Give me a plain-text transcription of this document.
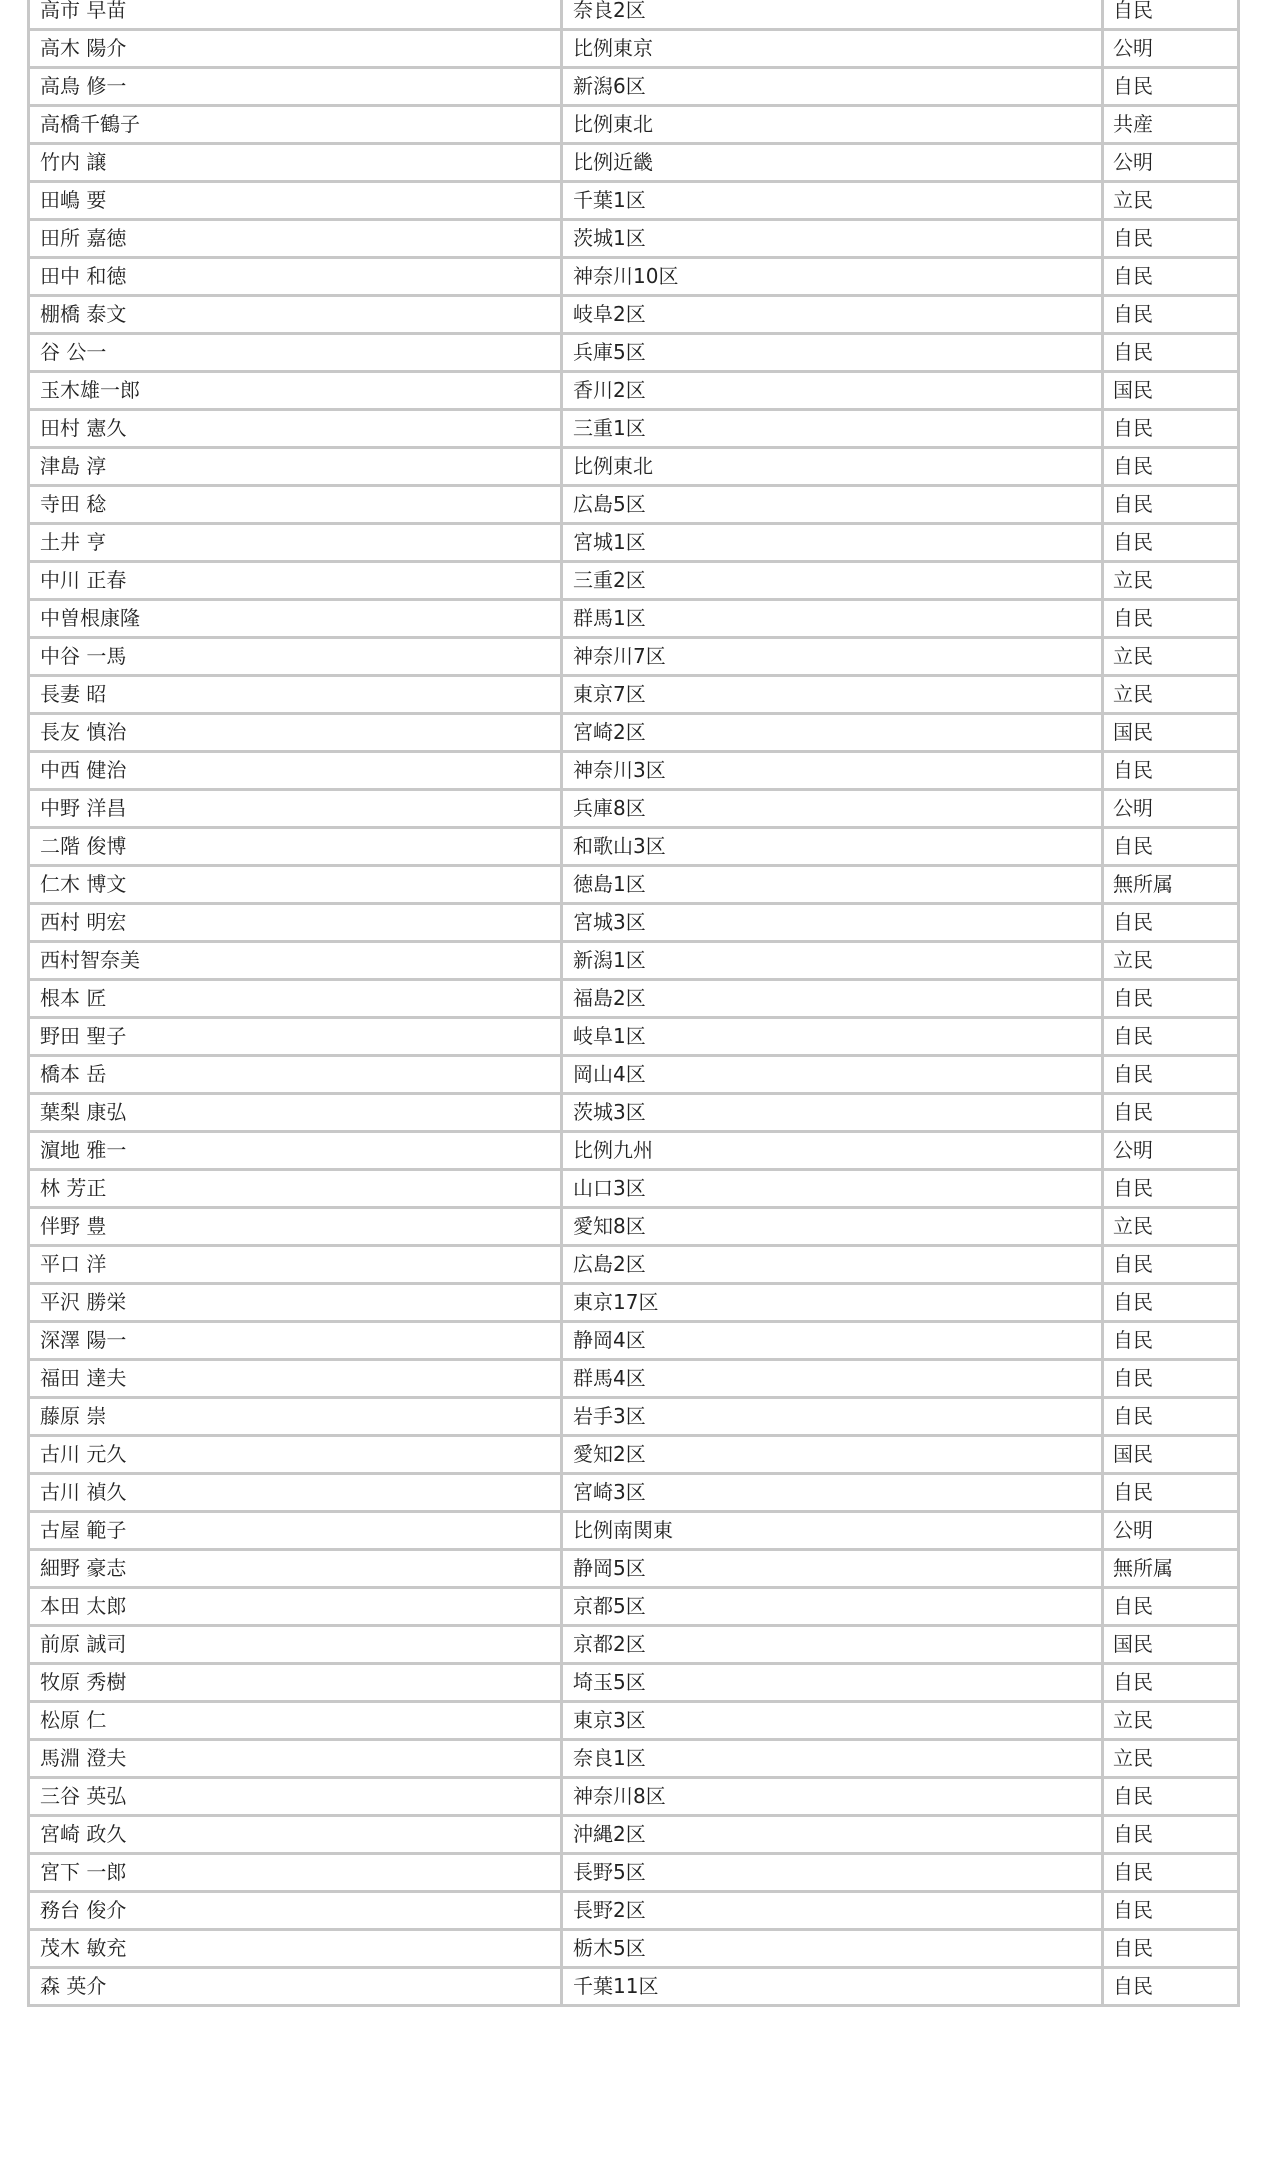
高市 早苗	奈良2区	自民
高木 陽介	比例東京	公明
高鳥 修一	新潟6区	自民
高橋千鶴子	比例東北	共産
竹内 譲	比例近畿	公明
田嶋 要	千葉1区	立民
田所 嘉徳	茨城1区	自民
田中 和徳	神奈川10区	自民
棚橋 泰文	岐阜2区	自民
谷 公一	兵庫5区	自民
玉木雄一郎	香川2区	国民
田村 憲久	三重1区	自民
津島 淳	比例東北	自民
寺田 稔	広島5区	自民
土井 亨	宮城1区	自民
中川 正春	三重2区	立民
中曽根康隆	群馬1区	自民
中谷 一馬	神奈川7区	立民
長妻 昭	東京7区	立民
長友 慎治	宮崎2区	国民
中西 健治	神奈川3区	自民
中野 洋昌	兵庫8区	公明
二階 俊博	和歌山3区	自民
仁木 博文	徳島1区	無所属
西村 明宏	宮城3区	自民
西村智奈美	新潟1区	立民
根本 匠	福島2区	自民
野田 聖子	岐阜1区	自民
橋本 岳	岡山4区	自民
葉梨 康弘	茨城3区	自民
濵地 雅一	比例九州	公明
林 芳正	山口3区	自民
伴野 豊	愛知8区	立民
平口 洋	広島2区	自民
平沢 勝栄	東京17区	自民
深澤 陽一	静岡4区	自民
福田 達夫	群馬4区	自民
藤原 崇	岩手3区	自民
古川 元久	愛知2区	国民
古川 禎久	宮崎3区	自民
古屋 範子	比例南関東	公明
細野 豪志	静岡5区	無所属
本田 太郎	京都5区	自民
前原 誠司	京都2区	国民
牧原 秀樹	埼玉5区	自民
松原 仁	東京3区	立民
馬淵 澄夫	奈良1区	立民
三谷 英弘	神奈川8区	自民
宮崎 政久	沖縄2区	自民
宮下 一郎	長野5区	自民
務台 俊介	長野2区	自民
茂木 敏充	栃木5区	自民
森 英介	千葉11区	自民
